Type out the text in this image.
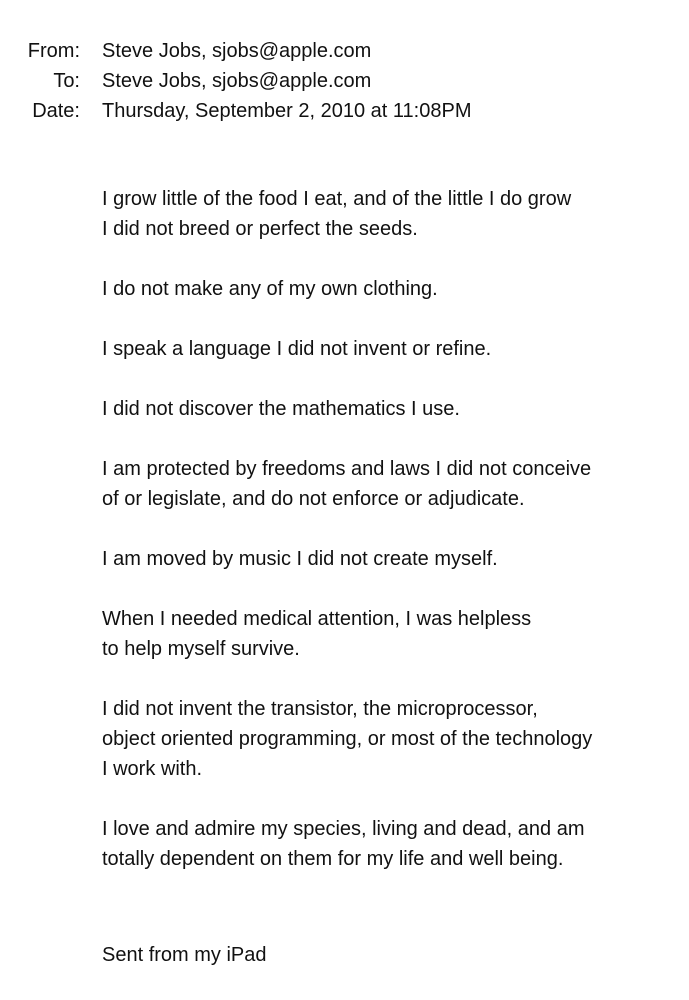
From: Steve Jobs, sjobs@apple.com
To: Steve Jobs, sjobs@apple.com
Date: Thursday, September 2, 2010 at 11:08PM

I grow little of the food I eat, and of the little I do grow
I did not breed or perfect the seeds.

I do not make any of my own clothing.

I speak a language I did not invent or refine.

I did not discover the mathematics I use.

I am protected by freedoms and laws I did not conceive
of or legislate, and do not enforce or adjudicate.

I am moved by music I did not create myself.

When I needed medical attention, I was helpless
to help myself survive.

I did not invent the transistor, the microprocessor,
object oriented programming, or most of the technology
I work with.

I love and admire my species, living and dead, and am
totally dependent on them for my life and well being.

Sent from my iPad
